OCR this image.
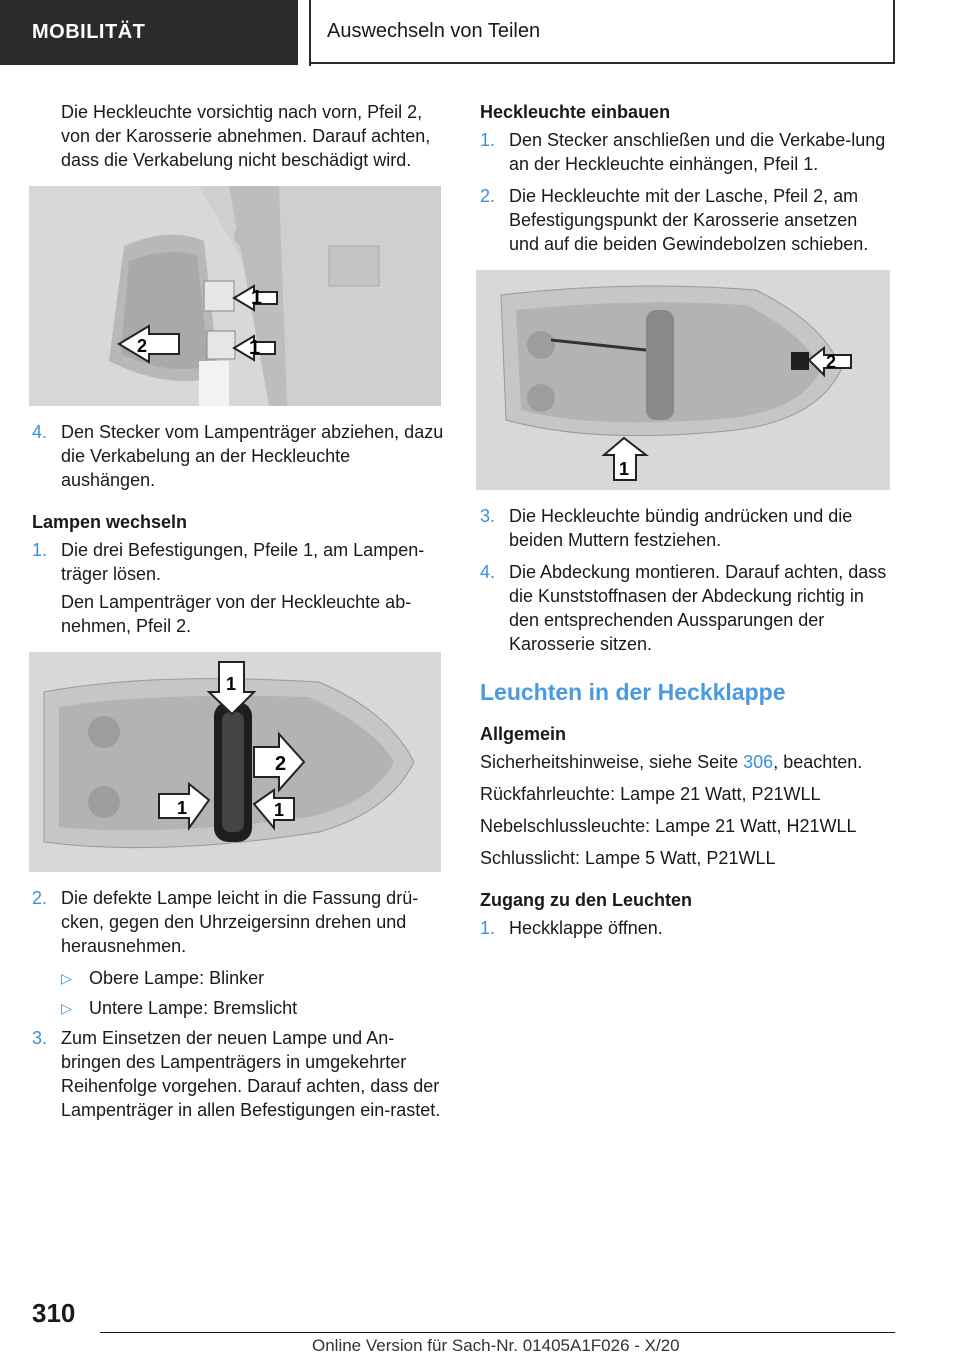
MOBILITÄT	Auswechseln von Teilen

Die Heckleuchte vorsichtig nach vorn, Pfeil 2, von der Karosserie abnehmen. Darauf achten, dass die Verkabelung nicht beschädigt wird.

1
1
2
4. Den Stecker vom Lampenträger abziehen, dazu die Verkabelung an der Heckleuchte aushängen.

Lampen wechseln

1. Die drei Befestigungen, Pfeile 1, am Lampen-träger lösen.

Den Lampenträger von der Heckleuchte ab-nehmen, Pfeil 2.

1
2
1	1
2. Die defekte Lampe leicht in die Fassung drü-cken, gegen den Uhrzeigersinn drehen und herausnehmen.
▷ Obere Lampe: Blinker
▷ Untere Lampe: Bremslicht
3. Zum Einsetzen der neuen Lampe und An-bringen des Lampenträgers in umgekehrter Reihenfolge vorgehen. Darauf achten, dass der Lampenträger in allen Befestigungen ein-rastet.

Heckleuchte einbauen

1. Den Stecker anschließen und die Verkabe-lung an der Heckleuchte einhängen, Pfeil 1.
2. Die Heckleuchte mit der Lasche, Pfeil 2, am Befestigungspunkt der Karosserie ansetzen und auf die beiden Gewindebolzen schieben.
2
1
3. Die Heckleuchte bündig andrücken und die beiden Muttern festziehen.
4. Die Abdeckung montieren. Darauf achten, dass die Kunststoffnasen der Abdeckung richtig in den entsprechenden Aussparungen der Karosserie sitzen.

Leuchten in der Heckklappe

Allgemein

Sicherheitshinweise, siehe Seite 306, beachten.

Rückfahrleuchte: Lampe 21 Watt, P21WLL

Nebelschlussleuchte: Lampe 21 Watt, H21WLL

Schlusslicht: Lampe 5 Watt, P21WLL

Zugang zu den Leuchten

1. Heckklappe öffnen.
310
Online Version für Sach-Nr. 01405A1F026 - X/20
